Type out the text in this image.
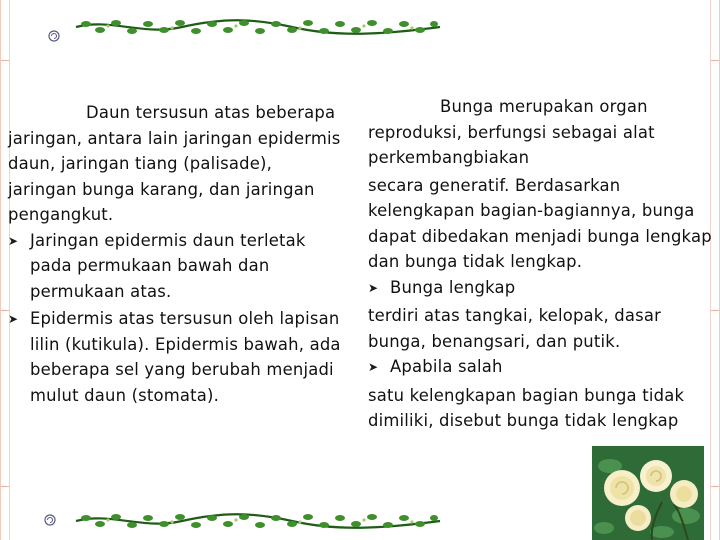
Daun tersusun atas beberapa jaringan, antara lain jaringan epidermis daun, jaringan tiang (palisade), jaringan bunga karang, dan jaringan pengangkut.

➤ Jaringan epidermis daun terletak pada permukaan bawah dan permukaan atas.
➤ Epidermis atas tersusun oleh lapisan lilin (kutikula). Epidermis bawah, ada beberapa sel yang berubah menjadi mulut daun (stomata).

Bunga merupakan organ reproduksi, berfungsi sebagai alat perkembangbiakan

secara generatif. Berdasarkan kelengkapan bagian-bagiannya, bunga dapat dibedakan menjadi bunga lengkap dan bunga tidak lengkap.

➤ Bunga lengkap

terdiri atas tangkai, kelopak, dasar bunga, benangsari, dan putik.

➤ Apabila salah

satu kelengkapan bagian bunga tidak dimiliki, disebut bunga tidak lengkap
